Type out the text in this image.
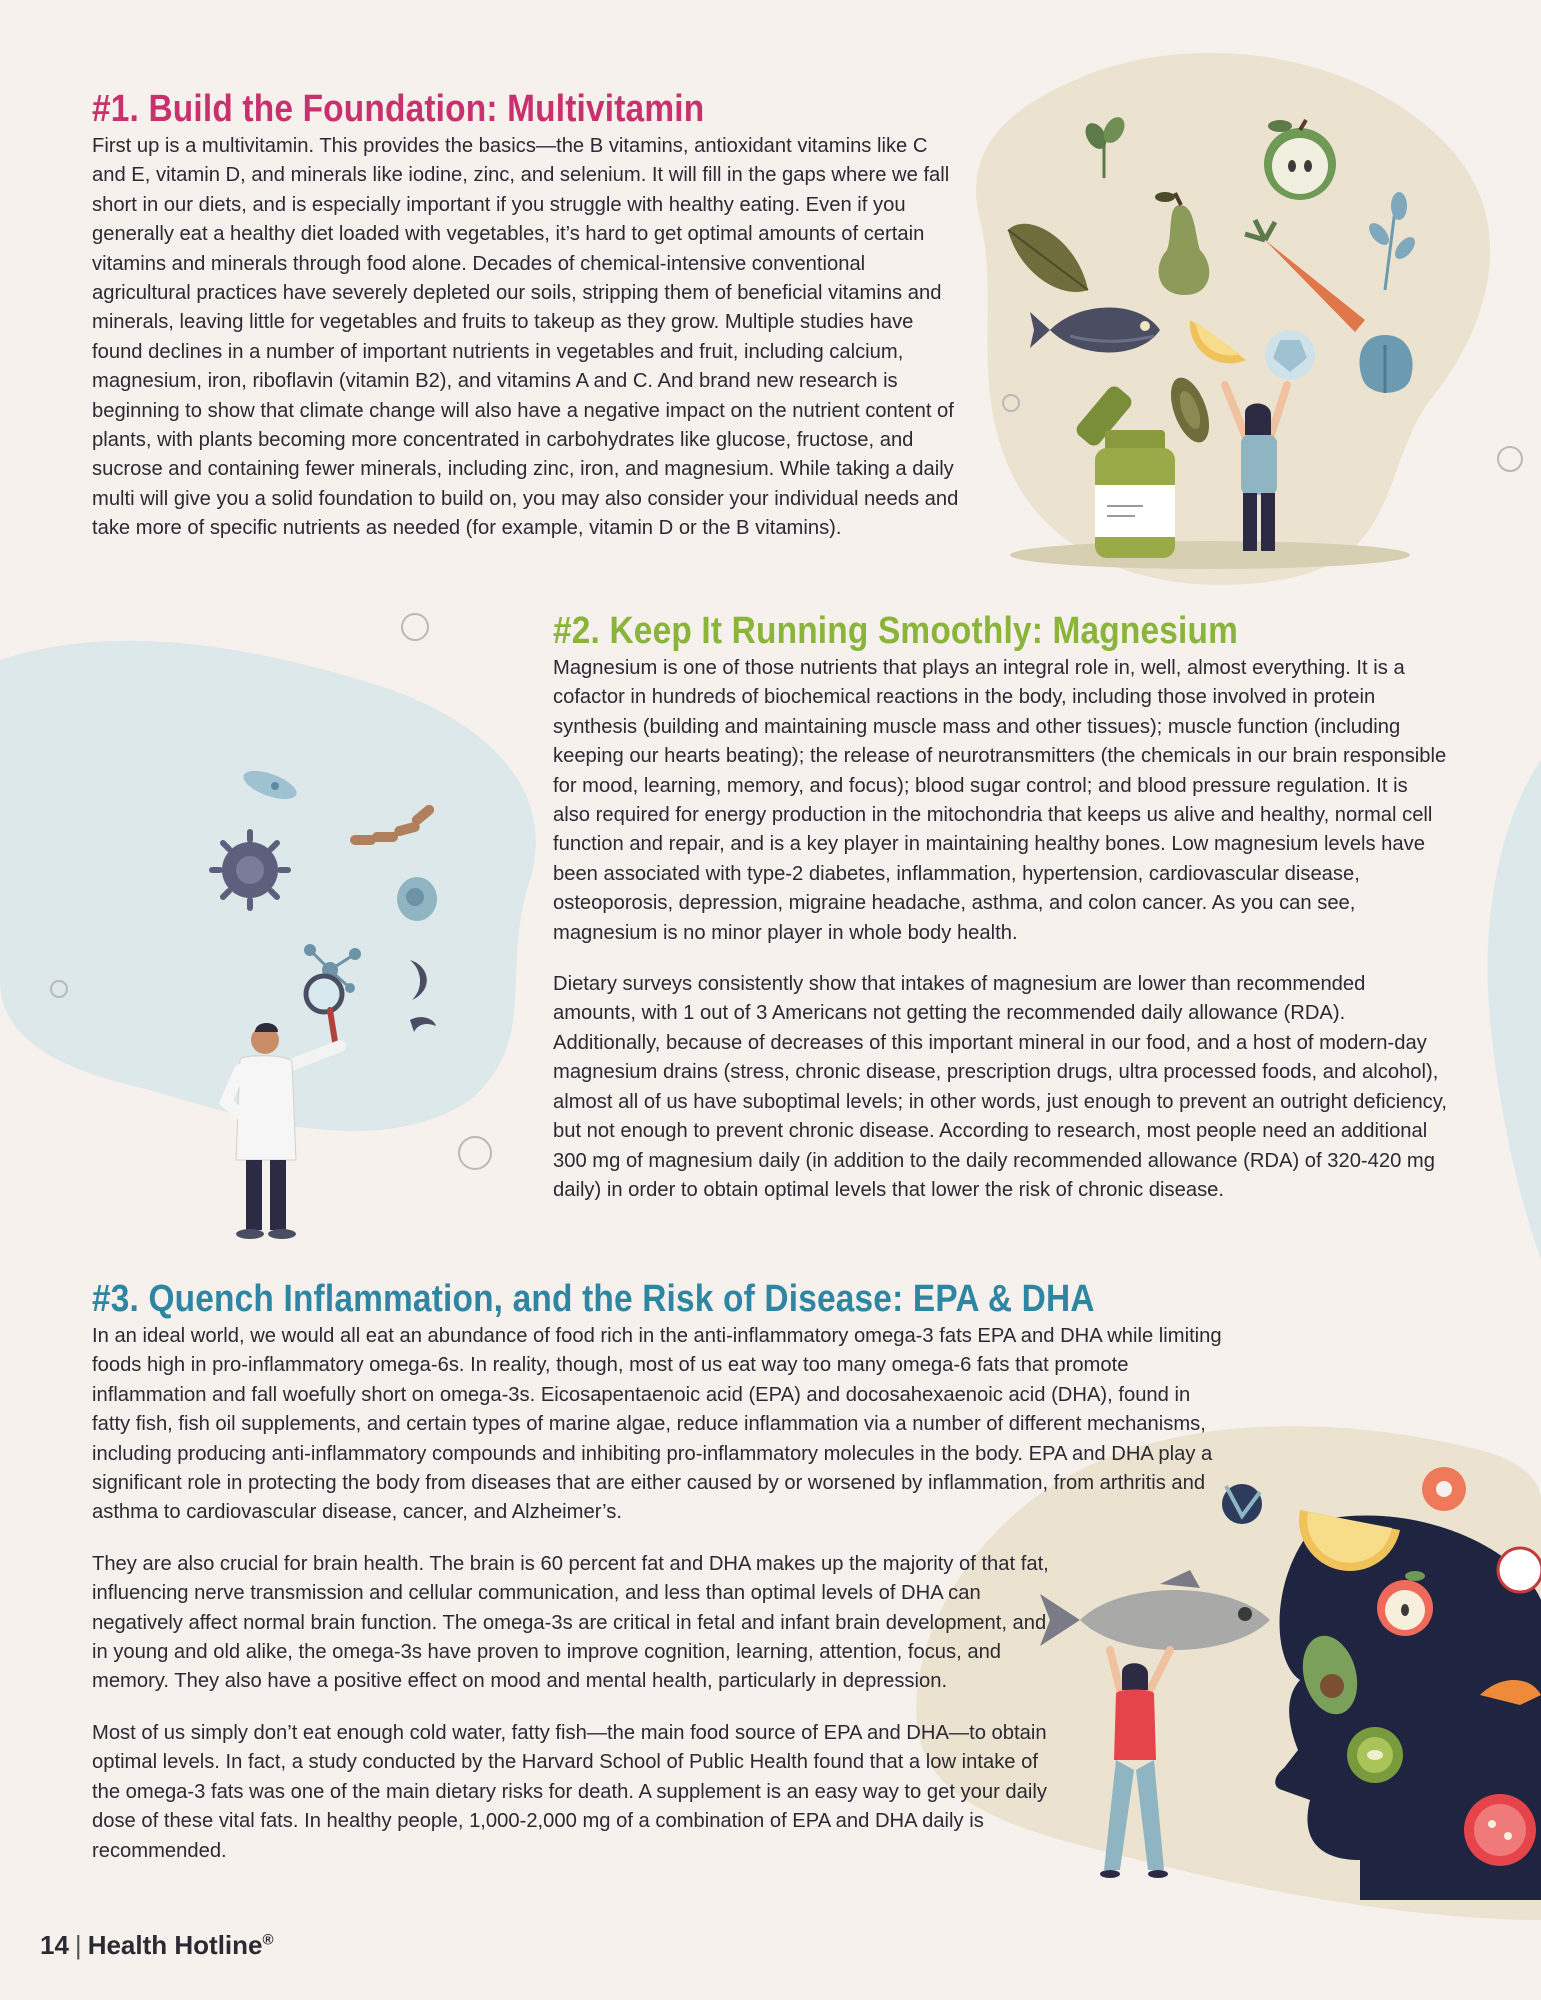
#1. Build the Foundation: Multivitamin

First up is a multivitamin. This provides the basics—the B vitamins, antioxidant vitamins like C and E, vitamin D, and minerals like iodine, zinc, and selenium. It will fill in the gaps where we fall short in our diets, and is especially important if you struggle with healthy eating. Even if you generally eat a healthy diet loaded with vegetables, it’s hard to get optimal amounts of certain vitamins and minerals through food alone. Decades of chemical-intensive conventional agricultural practices have severely depleted our soils, stripping them of beneficial vitamins and minerals, leaving little for vegetables and fruits to takeup as they grow. Multiple studies have found declines in a number of important nutrients in vegetables and fruit, including calcium, magnesium, iron, riboflavin (vitamin B2), and vitamins A and C. And brand new research is beginning to show that climate change will also have a negative impact on the nutrient content of plants, with plants becoming more concentrated in carbohydrates like glucose, fructose, and sucrose and containing fewer minerals, including zinc, iron, and magnesium. While taking a daily multi will give you a solid foundation to build on, you may also consider your individual needs and take more of specific nutrients as needed (for example, vitamin D or the B vitamins).

#2. Keep It Running Smoothly: Magnesium

Magnesium is one of those nutrients that plays an integral role in, well, almost everything. It is a cofactor in hundreds of biochemical reactions in the body, including those involved in protein synthesis (building and maintaining muscle mass and other tissues); muscle function (including keeping our hearts beating); the release of neurotransmitters (the chemicals in our brain responsible for mood, learning, memory, and focus); blood sugar control; and blood pressure regulation. It is also required for energy production in the mitochondria that keeps us alive and healthy, normal cell function and repair, and is a key player in maintaining healthy bones. Low magnesium levels have been associated with type-2 diabetes, inflammation, hypertension, cardiovascular disease, osteoporosis, depression, migraine headache, asthma, and colon cancer. As you can see, magnesium is no minor player in whole body health.

Dietary surveys consistently show that intakes of magnesium are lower than recommended amounts, with 1 out of 3 Americans not getting the recommended daily allowance (RDA). Additionally, because of decreases of this important mineral in our food, and a host of modern-day magnesium drains (stress, chronic disease, prescription drugs, ultra processed foods, and alcohol), almost all of us have suboptimal levels; in other words, just enough to prevent an outright deficiency, but not enough to prevent chronic disease. According to research, most people need an additional 300 mg of magnesium daily (in addition to the daily recommended allowance (RDA) of 320-420 mg daily) in order to obtain optimal levels that lower the risk of chronic disease.

#3. Quench Inflammation, and the Risk of Disease: EPA & DHA

In an ideal world, we would all eat an abundance of food rich in the anti-inflammatory omega-3 fats EPA and DHA while limiting foods high in pro-inflammatory omega-6s. In reality, though, most of us eat way too many omega-6 fats that promote inflammation and fall woefully short on omega-3s. Eicosapentaenoic acid (EPA) and docosahexaenoic acid (DHA), found in fatty fish, fish oil supplements, and certain types of marine algae, reduce inflammation via a number of different mechanisms, including producing anti-inflammatory compounds and inhibiting pro-inflammatory molecules in the body. EPA and DHA play a significant role in protecting the body from diseases that are either caused by or worsened by inflammation, from arthritis and asthma to cardiovascular disease, cancer, and Alzheimer’s.

They are also crucial for brain health. The brain is 60 percent fat and DHA makes up the majority of that fat, influencing nerve transmission and cellular communication, and less than optimal levels of DHA can negatively affect normal brain function. The omega-3s are critical in fetal and infant brain development, and in young and old alike, the omega-3s have proven to improve cognition, learning, attention, focus, and memory. They also have a positive effect on mood and mental health, particularly in depression.

Most of us simply don’t eat enough cold water, fatty fish—the main food source of EPA and DHA—to obtain optimal levels. In fact, a study conducted by the Harvard School of Public Health found that a low intake of the omega-3 fats was one of the main dietary risks for death. A supplement is an easy way to get your daily dose of these vital fats. In healthy people, 1,000-2,000 mg of a combination of EPA and DHA daily is recommended.

14 | Health Hotline®
